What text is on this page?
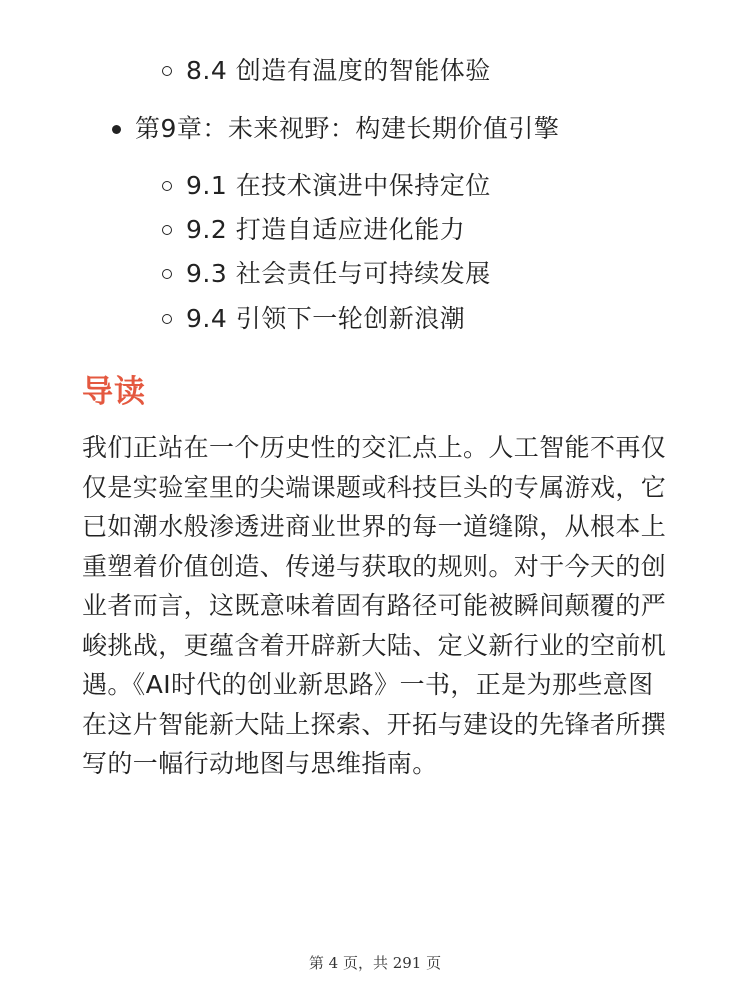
8.4 创造有温度的智能体验
第9章：未来视野：构建长期价值引擎
9.1 在技术演进中保持定位
9.2 打造自适应进化能力
9.3 社会责任与可持续发展
9.4 引领下一轮创新浪潮
导读

我们正站在一个历史性的交汇点上。人工智能不再仅仅是实验室里的尖端课题或科技巨头的专属游戏，它已如潮水般渗透进商业世界的每一道缝隙，从根本上重塑着价值创造、传递与获取的规则。对于今天的创业者而言，这既意味着固有路径可能被瞬间颠覆的严峻挑战，更蕴含着开辟新大陆、定义新行业的空前机遇。《AI时代的创业新思路》一书，正是为那些意图在这片智能新大陆上探索、开拓与建设的先锋者所撰写的一幅行动地图与思维指南。

第 4 页，共 291 页
